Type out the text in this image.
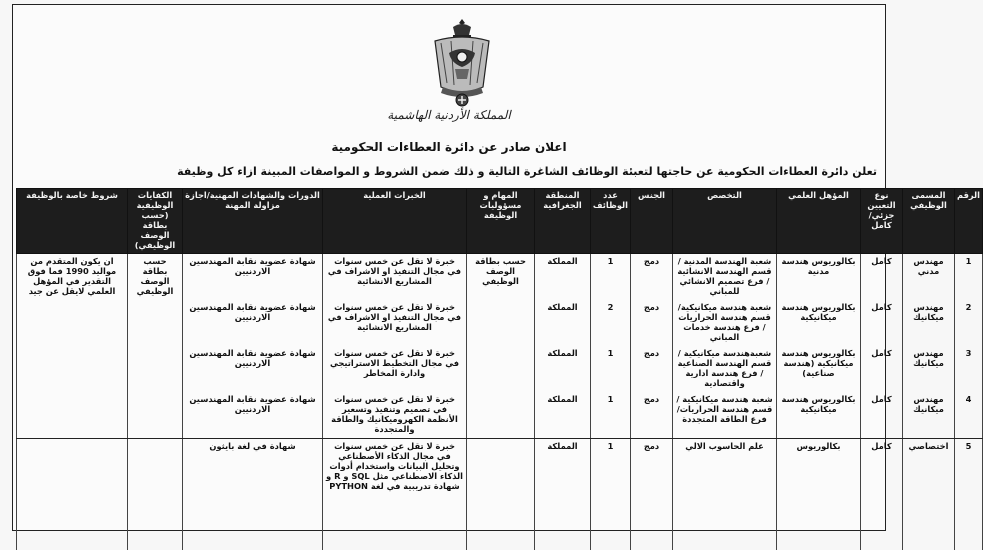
المملكة الأردنية الهاشمية
اعلان صادر عن دائرة العطاءات الحكومية
تعلن دائرة العطاءات الحكومية عن حاجتها لتعبئة الوظائف الشاغرة التالية و ذلك ضمن الشروط و المواصفات المبينة ازاء كل وظيفة
الرقم	المسمى الوظيفي	نوع التعيين جزئي/كامل	المؤهل العلمي	التخصص	الجنس	عدد الوظائف	المنطقة الجغرافية	المهام و مسؤوليات الوظيفة	الخبرات العملية	الدورات والشهادات المهنية/اجازة مزاولة المهنة	الكفايات الوظيفية (حسب بطاقة الوصف الوظيفي)	شروط خاصة بالوظيفة
1	مهندس مدني	كامل	بكالوريوس هندسة مدنية	شعبة الهندسة المدنية / قسم الهندسة الانشائية / فرع تصميم الانشائي للمباني	دمج	1	المملكة	حسب بطاقة الوصف الوظيفي	خبرة لا تقل عن خمس سنوات في مجال التنفيذ او الاشراف في المشاريع الانشائية	شهادة عضوية نقابة المهندسين الاردنيين	حسب بطاقة الوصف الوظيفي	ان يكون المتقدم من مواليد 1990 فما فوق التقدير في المؤهل العلمي لايقل عن جيد
2	مهندس ميكانيك	كامل	بكالوريوس هندسة ميكانيكية	شعبة هندسة ميكانيكية/ قسم هندسة الحراريات / فرع هندسة خدمات المباني	دمج	2	المملكة		خبرة لا تقل عن خمس سنوات في مجال التنفيذ او الاشراف في المشاريع الانشائية	شهادة عضوية نقابة المهندسين الاردنيين		
3	مهندس ميكانيك	كامل	بكالوريوس هندسة ميكانيكية (هندسة صناعية)	شعبةهندسة ميكانيكية / قسم الهندسة الصناعية / فرع هندسة ادارية واقتصادية	دمج	1	المملكة		خبرة لا تقل عن خمس سنوات في مجال التخطيط الاستراتيجي وادارة المخاطر	شهادة عضوية نقابة المهندسين الاردنيين		
4	مهندس ميكانيك	كامل	بكالوريوس هندسة ميكانيكية	شعبة هندسة ميكانيكية / قسم هندسة الحراريات/ فرع الطاقة المتجددة	دمج	1	المملكة		خبرة لا تقل عن خمس سنوات في تصميم وتنفيذ وتسعير الأنظمة الكهروميكانيك والطاقة والمتجددة	شهادة عضوية نقابة المهندسين الاردنيين		
5	اختصاصي	كامل	بكالوريوس	علم الحاسوب الالي	دمج	1	المملكة		خبرة لا تقل عن خمس سنوات في مجال الذكاء الأصطناعي وتحليل البيانات واستخدام أدوات الذكاء الاصطناعي مثل SQL و R و شهادة تدريبية في لغة PYTHON	شهادة في لغة بايثون		
